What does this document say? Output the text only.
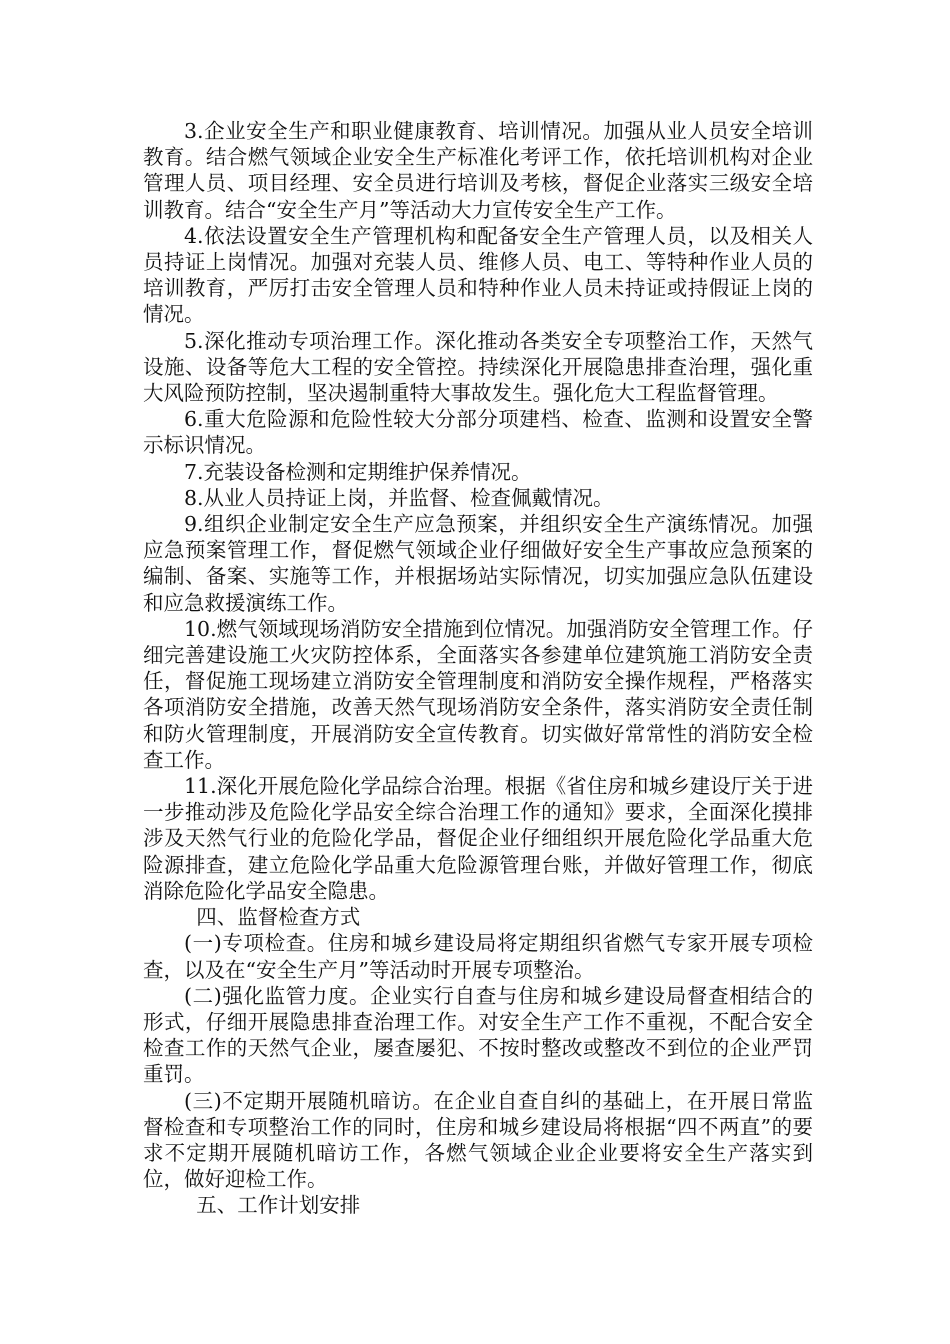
3.企业安全生产和职业健康教育、培训情况。加强从业人员安全培训教育。结合燃气领域企业安全生产标准化考评工作，依托培训机构对企业管理人员、项目经理、安全员进行培训及考核，督促企业落实三级安全培训教育。结合“安全生产月”等活动大力宣传安全生产工作。

4.依法设置安全生产管理机构和配备安全生产管理人员，以及相关人员持证上岗情况。加强对充装人员、维修人员、电工、等特种作业人员的培训教育，严厉打击安全管理人员和特种作业人员未持证或持假证上岗的情况。

5.深化推动专项治理工作。深化推动各类安全专项整治工作，天然气设施、设备等危大工程的安全管控。持续深化开展隐患排查治理，强化重大风险预防控制，坚决遏制重特大事故发生。强化危大工程监督管理。

6.重大危险源和危险性较大分部分项建档、检查、监测和设置安全警示标识情况。

7.充装设备检测和定期维护保养情况。

8.从业人员持证上岗，并监督、检查佩戴情况。

9.组织企业制定安全生产应急预案，并组织安全生产演练情况。加强应急预案管理工作，督促燃气领域企业仔细做好安全生产事故应急预案的编制、备案、实施等工作，并根据场站实际情况，切实加强应急队伍建设和应急救援演练工作。

10.燃气领域现场消防安全措施到位情况。加强消防安全管理工作。仔细完善建设施工火灾防控体系，全面落实各参建单位建筑施工消防安全责任，督促施工现场建立消防安全管理制度和消防安全操作规程，严格落实各项消防安全措施，改善天然气现场消防安全条件，落实消防安全责任制和防火管理制度，开展消防安全宣传教育。切实做好常常性的消防安全检查工作。

11.深化开展危险化学品综合治理。根据《省住房和城乡建设厅关于进一步推动涉及危险化学品安全综合治理工作的通知》要求，全面深化摸排涉及天然气行业的危险化学品，督促企业仔细组织开展危险化学品重大危险源排查，建立危险化学品重大危险源管理台账，并做好管理工作，彻底消除危险化学品安全隐患。

四、监督检查方式

(一)专项检查。住房和城乡建设局将定期组织省燃气专家开展专项检查，以及在“安全生产月”等活动时开展专项整治。

(二)强化监管力度。企业实行自查与住房和城乡建设局督查相结合的形式，仔细开展隐患排查治理工作。对安全生产工作不重视，不配合安全检查工作的天然气企业，屡查屡犯、不按时整改或整改不到位的企业严罚重罚。

(三)不定期开展随机暗访。在企业自查自纠的基础上，在开展日常监督检查和专项整治工作的同时，住房和城乡建设局将根据“四不两直”的要求不定期开展随机暗访工作，各燃气领域企业企业要将安全生产落实到位，做好迎检工作。

五、工作计划安排
